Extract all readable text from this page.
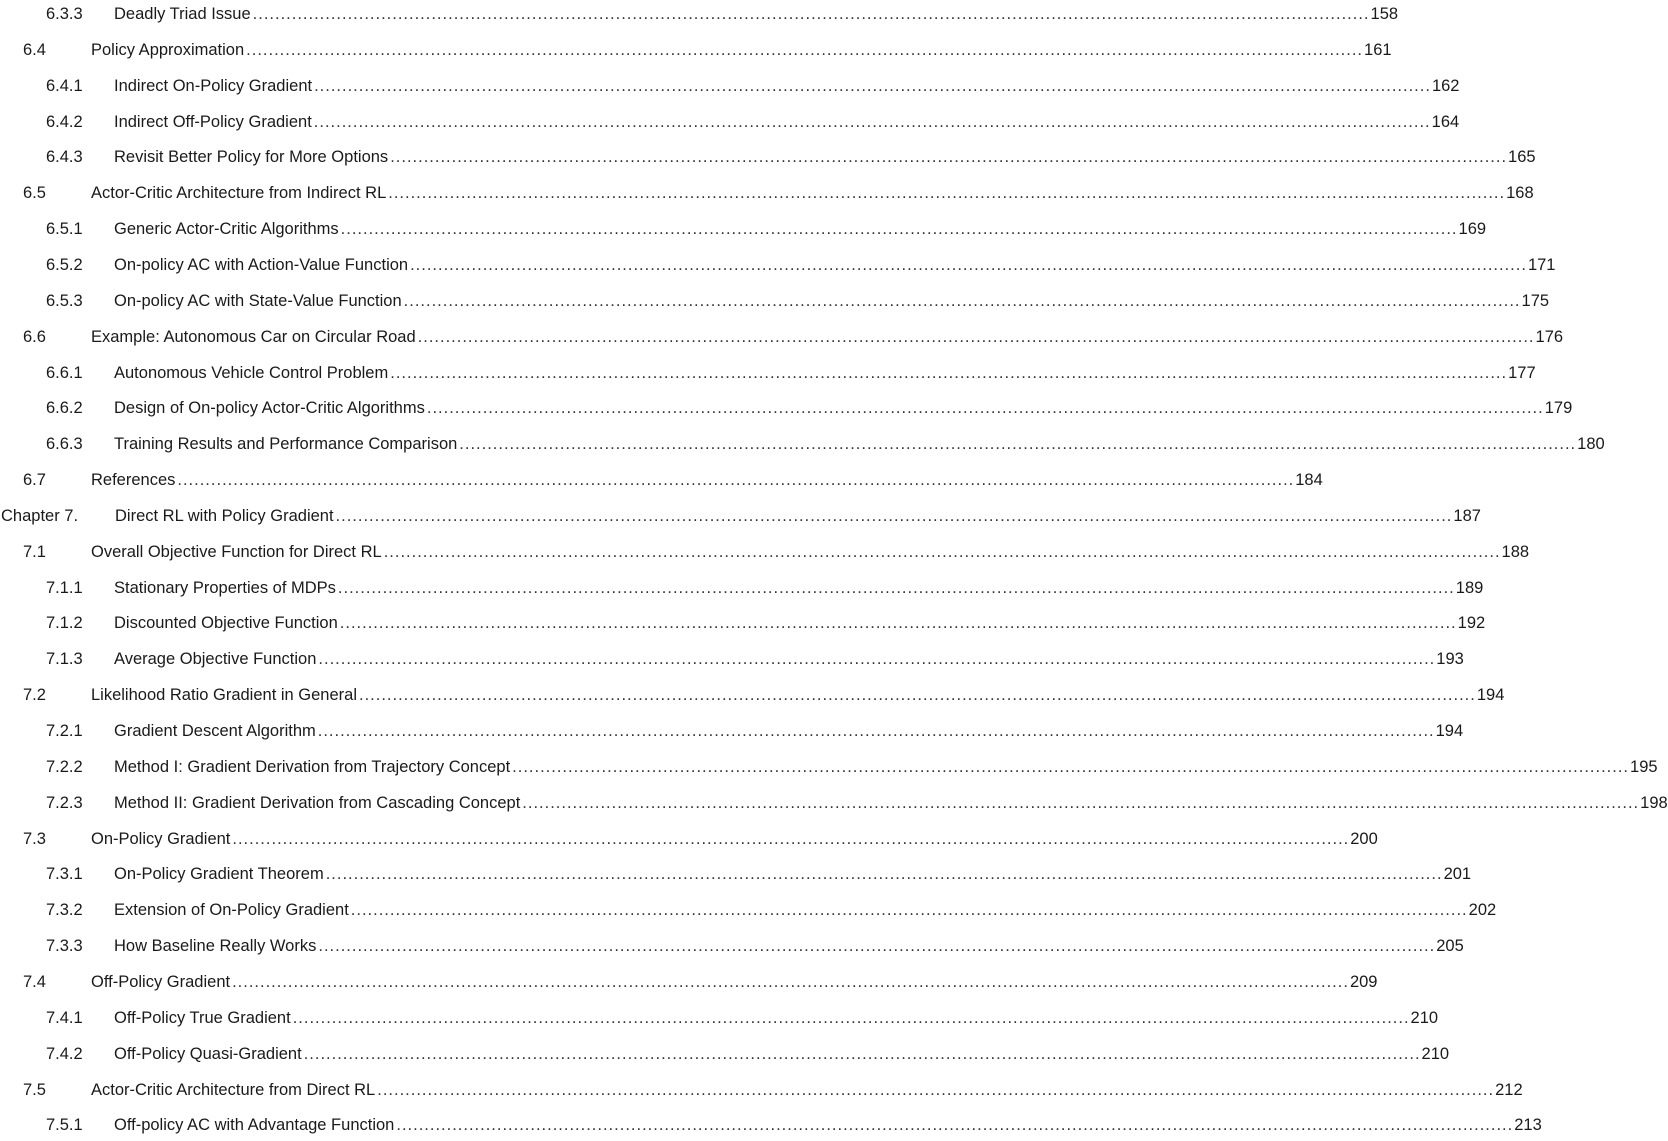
6.3.3 Deadly Triad Issue ........................................................................................................................................................................................................ 158
6.4	Policy Approximation ........................................................................................................................................................................................................ 161
6.4.1 Indirect On-Policy Gradient ........................................................................................................................................................................................................ 162
6.4.2 Indirect Off-Policy Gradient ........................................................................................................................................................................................................ 164
6.4.3 Revisit Better Policy for More Options ........................................................................................................................................................................................................ 165
6.5	Actor-Critic Architecture from Indirect RL ........................................................................................................................................................................................................ 168
6.5.1 Generic Actor-Critic Algorithms ........................................................................................................................................................................................................ 169
6.5.2 On-policy AC with Action-Value Function ........................................................................................................................................................................................................ 171
6.5.3 On-policy AC with State-Value Function ........................................................................................................................................................................................................ 175
6.6	Example: Autonomous Car on Circular Road ........................................................................................................................................................................................................ 176
6.6.1 Autonomous Vehicle Control Problem ........................................................................................................................................................................................................ 177
6.6.2 Design of On-policy Actor-Critic Algorithms ........................................................................................................................................................................................................ 179
6.6.3 Training Results and Performance Comparison ........................................................................................................................................................................................................ 180
6.7	References ........................................................................................................................................................................................................ 184
Chapter 7. Direct RL with Policy Gradient ........................................................................................................................................................................................................ 187
7.1	Overall Objective Function for Direct RL ........................................................................................................................................................................................................ 188
7.1.1 Stationary Properties of MDPs ........................................................................................................................................................................................................ 189
7.1.2 Discounted Objective Function ........................................................................................................................................................................................................ 192
7.1.3 Average Objective Function ........................................................................................................................................................................................................ 193
7.2	Likelihood Ratio Gradient in General ........................................................................................................................................................................................................ 194
7.2.1 Gradient Descent Algorithm ........................................................................................................................................................................................................ 194
7.2.2 Method I: Gradient Derivation from Trajectory Concept ........................................................................................................................................................................................................ 195
7.2.3 Method II: Gradient Derivation from Cascading Concept ........................................................................................................................................................................................................ 198
7.3	On-Policy Gradient ........................................................................................................................................................................................................ 200
7.3.1 On-Policy Gradient Theorem ........................................................................................................................................................................................................ 201
7.3.2 Extension of On-Policy Gradient ........................................................................................................................................................................................................ 202
7.3.3 How Baseline Really Works ........................................................................................................................................................................................................ 205
7.4	Off-Policy Gradient ........................................................................................................................................................................................................ 209
7.4.1 Off-Policy True Gradient ........................................................................................................................................................................................................ 210
7.4.2 Off-Policy Quasi-Gradient ........................................................................................................................................................................................................ 210
7.5	Actor-Critic Architecture from Direct RL ........................................................................................................................................................................................................ 212
7.5.1 Off-policy AC with Advantage Function ........................................................................................................................................................................................................ 213
